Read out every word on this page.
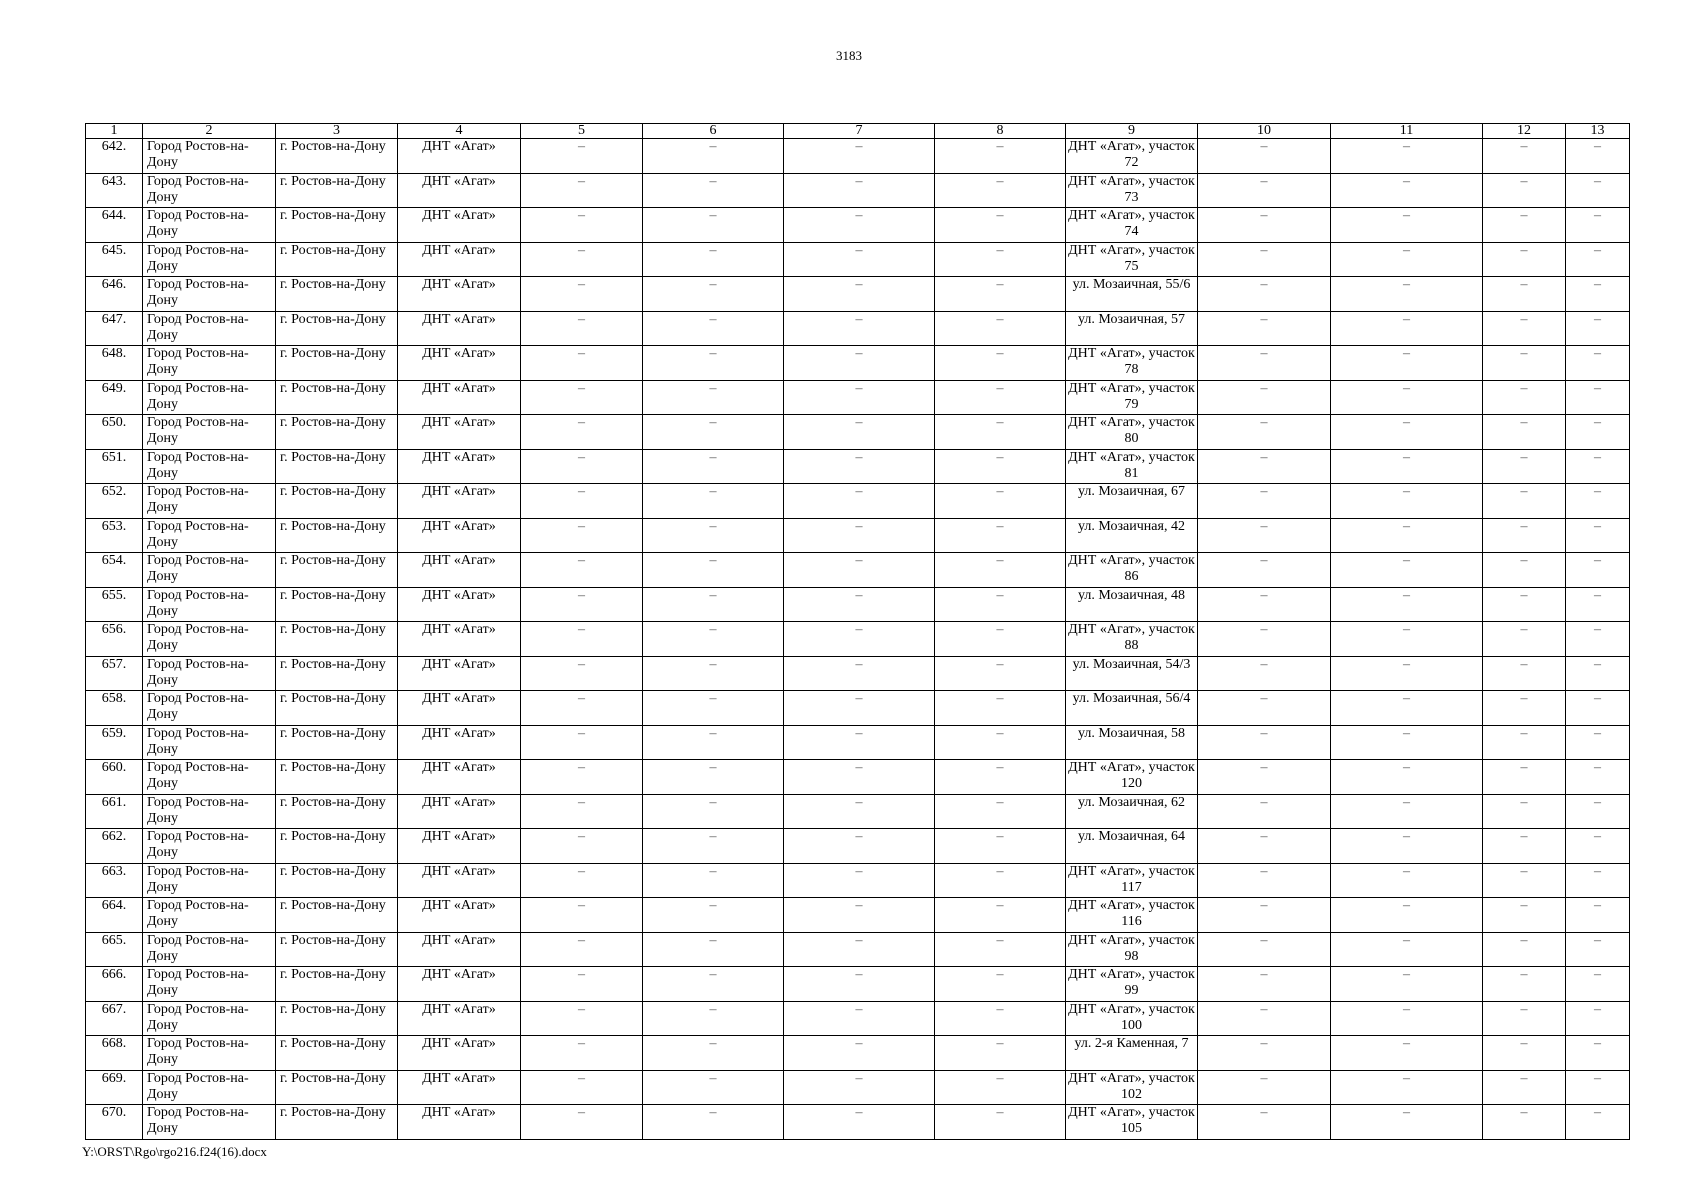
3183
1	2	3	4	5	6	7	8	9	10	11	12	13
642.	Город Ростов-на-Дону	г. Ростов-на-Дону	ДНТ «Агат»	–	–	–	–	ДНТ «Агат», участок 72	–	–	–	–
643.	Город Ростов-на-Дону	г. Ростов-на-Дону	ДНТ «Агат»	–	–	–	–	ДНТ «Агат», участок 73	–	–	–	–
644.	Город Ростов-на-Дону	г. Ростов-на-Дону	ДНТ «Агат»	–	–	–	–	ДНТ «Агат», участок 74	–	–	–	–
645.	Город Ростов-на-Дону	г. Ростов-на-Дону	ДНТ «Агат»	–	–	–	–	ДНТ «Агат», участок 75	–	–	–	–
646.	Город Ростов-на-Дону	г. Ростов-на-Дону	ДНТ «Агат»	–	–	–	–	ул. Мозаичная, 55/6	–	–	–	–
647.	Город Ростов-на-Дону	г. Ростов-на-Дону	ДНТ «Агат»	–	–	–	–	ул. Мозаичная, 57	–	–	–	–
648.	Город Ростов-на-Дону	г. Ростов-на-Дону	ДНТ «Агат»	–	–	–	–	ДНТ «Агат», участок 78	–	–	–	–
649.	Город Ростов-на-Дону	г. Ростов-на-Дону	ДНТ «Агат»	–	–	–	–	ДНТ «Агат», участок 79	–	–	–	–
650.	Город Ростов-на-Дону	г. Ростов-на-Дону	ДНТ «Агат»	–	–	–	–	ДНТ «Агат», участок 80	–	–	–	–
651.	Город Ростов-на-Дону	г. Ростов-на-Дону	ДНТ «Агат»	–	–	–	–	ДНТ «Агат», участок 81	–	–	–	–
652.	Город Ростов-на-Дону	г. Ростов-на-Дону	ДНТ «Агат»	–	–	–	–	ул. Мозаичная, 67	–	–	–	–
653.	Город Ростов-на-Дону	г. Ростов-на-Дону	ДНТ «Агат»	–	–	–	–	ул. Мозаичная, 42	–	–	–	–
654.	Город Ростов-на-Дону	г. Ростов-на-Дону	ДНТ «Агат»	–	–	–	–	ДНТ «Агат», участок 86	–	–	–	–
655.	Город Ростов-на-Дону	г. Ростов-на-Дону	ДНТ «Агат»	–	–	–	–	ул. Мозаичная, 48	–	–	–	–
656.	Город Ростов-на-Дону	г. Ростов-на-Дону	ДНТ «Агат»	–	–	–	–	ДНТ «Агат», участок 88	–	–	–	–
657.	Город Ростов-на-Дону	г. Ростов-на-Дону	ДНТ «Агат»	–	–	–	–	ул. Мозаичная, 54/3	–	–	–	–
658.	Город Ростов-на-Дону	г. Ростов-на-Дону	ДНТ «Агат»	–	–	–	–	ул. Мозаичная, 56/4	–	–	–	–
659.	Город Ростов-на-Дону	г. Ростов-на-Дону	ДНТ «Агат»	–	–	–	–	ул. Мозаичная, 58	–	–	–	–
660.	Город Ростов-на-Дону	г. Ростов-на-Дону	ДНТ «Агат»	–	–	–	–	ДНТ «Агат», участок 120	–	–	–	–
661.	Город Ростов-на-Дону	г. Ростов-на-Дону	ДНТ «Агат»	–	–	–	–	ул. Мозаичная, 62	–	–	–	–
662.	Город Ростов-на-Дону	г. Ростов-на-Дону	ДНТ «Агат»	–	–	–	–	ул. Мозаичная, 64	–	–	–	–
663.	Город Ростов-на-Дону	г. Ростов-на-Дону	ДНТ «Агат»	–	–	–	–	ДНТ «Агат», участок 117	–	–	–	–
664.	Город Ростов-на-Дону	г. Ростов-на-Дону	ДНТ «Агат»	–	–	–	–	ДНТ «Агат», участок 116	–	–	–	–
665.	Город Ростов-на-Дону	г. Ростов-на-Дону	ДНТ «Агат»	–	–	–	–	ДНТ «Агат», участок 98	–	–	–	–
666.	Город Ростов-на-Дону	г. Ростов-на-Дону	ДНТ «Агат»	–	–	–	–	ДНТ «Агат», участок 99	–	–	–	–
667.	Город Ростов-на-Дону	г. Ростов-на-Дону	ДНТ «Агат»	–	–	–	–	ДНТ «Агат», участок 100	–	–	–	–
668.	Город Ростов-на-Дону	г. Ростов-на-Дону	ДНТ «Агат»	–	–	–	–	ул. 2-я Каменная, 7	–	–	–	–
669.	Город Ростов-на-Дону	г. Ростов-на-Дону	ДНТ «Агат»	–	–	–	–	ДНТ «Агат», участок 102	–	–	–	–
670.	Город Ростов-на-Дону	г. Ростов-на-Дону	ДНТ «Агат»	–	–	–	–	ДНТ «Агат», участок 105	–	–	–	–
Y:\ORST\Rgo\rgo216.f24(16).docx
